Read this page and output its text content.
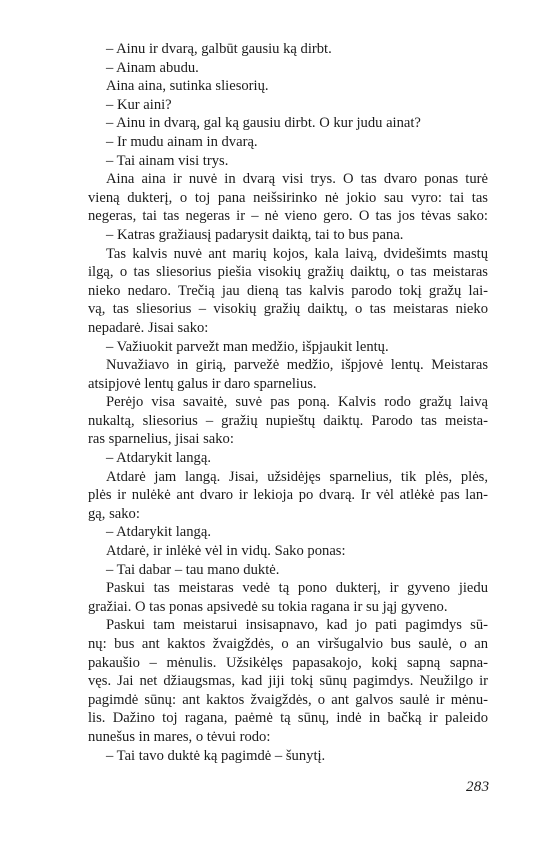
– Ainu ir dvarą, galbūt gausiu ką dirbt.
– Ainam abudu.
Aina aina, sutinka sliesorių.
– Kur aini?
– Ainu in dvarą, gal ką gausiu dirbt. O kur judu ainat?
– Ir mudu ainam in dvarą.
– Tai ainam visi trys.
Aina aina ir nuvė in dvarą visi trys. O tas dvaro ponas turė
vieną dukterį, o toj pana neišsirinko nė jokio sau vyro: tai tas
negeras, tai tas negeras ir – nė vieno gero. O tas jos tėvas sako:
– Katras gražiausį padarysit daiktą, tai to bus pana.
Tas kalvis nuvė ant marių kojos, kala laivą, dvidešimts mastų
ilgą, o tas sliesorius piešia visokių gražių daiktų, o tas meistaras
nieko nedaro. Trečią jau dieną tas kalvis parodo tokį gražų lai-
vą, tas sliesorius – visokių gražių daiktų, o tas meistaras nieko
nepadarė. Jisai sako:
– Važiuokit parvežt man medžio, išpjaukit lentų.
Nuvažiavo in girią, parvežė medžio, išpjovė lentų. Meistaras
atsipjovė lentų galus ir daro sparnelius.
Perėjo visa savaitė, suvė pas poną. Kalvis rodo gražų laivą
nukaltą, sliesorius – gražių nupieštų daiktų. Parodo tas meista-
ras sparnelius, jisai sako:
– Atdarykit langą.
Atdarė jam langą. Jisai, užsidėjęs sparnelius, tik plės, plės,
plės ir nulėkė ant dvaro ir lekioja po dvarą. Ir vėl atlėkė pas lan-
gą, sako:
– Atdarykit langą.
Atdarė, ir inlėkė vėl in vidų. Sako ponas:
– Tai dabar – tau mano duktė.
Paskui tas meistaras vedė tą pono dukterį, ir gyveno jiedu
gražiai. O tas ponas apsivedė su tokia ragana ir su jąj gyveno.
Paskui tam meistarui insisapnavo, kad jo pati pagimdys sū-
nų: bus ant kaktos žvaigždės, o an viršugalvio bus saulė, o an
pakaušio – mėnulis. Užsikėlęs papasakojo, kokį sapną sapna-
vęs. Jai net džiaugsmas, kad jiji tokį sūnų pagimdys. Neužilgo ir
pagimdė sūnų: ant kaktos žvaigždės, o ant galvos saulė ir mėnu-
lis. Dažino toj ragana, paėmė tą sūnų, indė in bačką ir paleido
nunešus in mares, o tėvui rodo:
– Tai tavo duktė ką pagimdė – šunytį.
283
